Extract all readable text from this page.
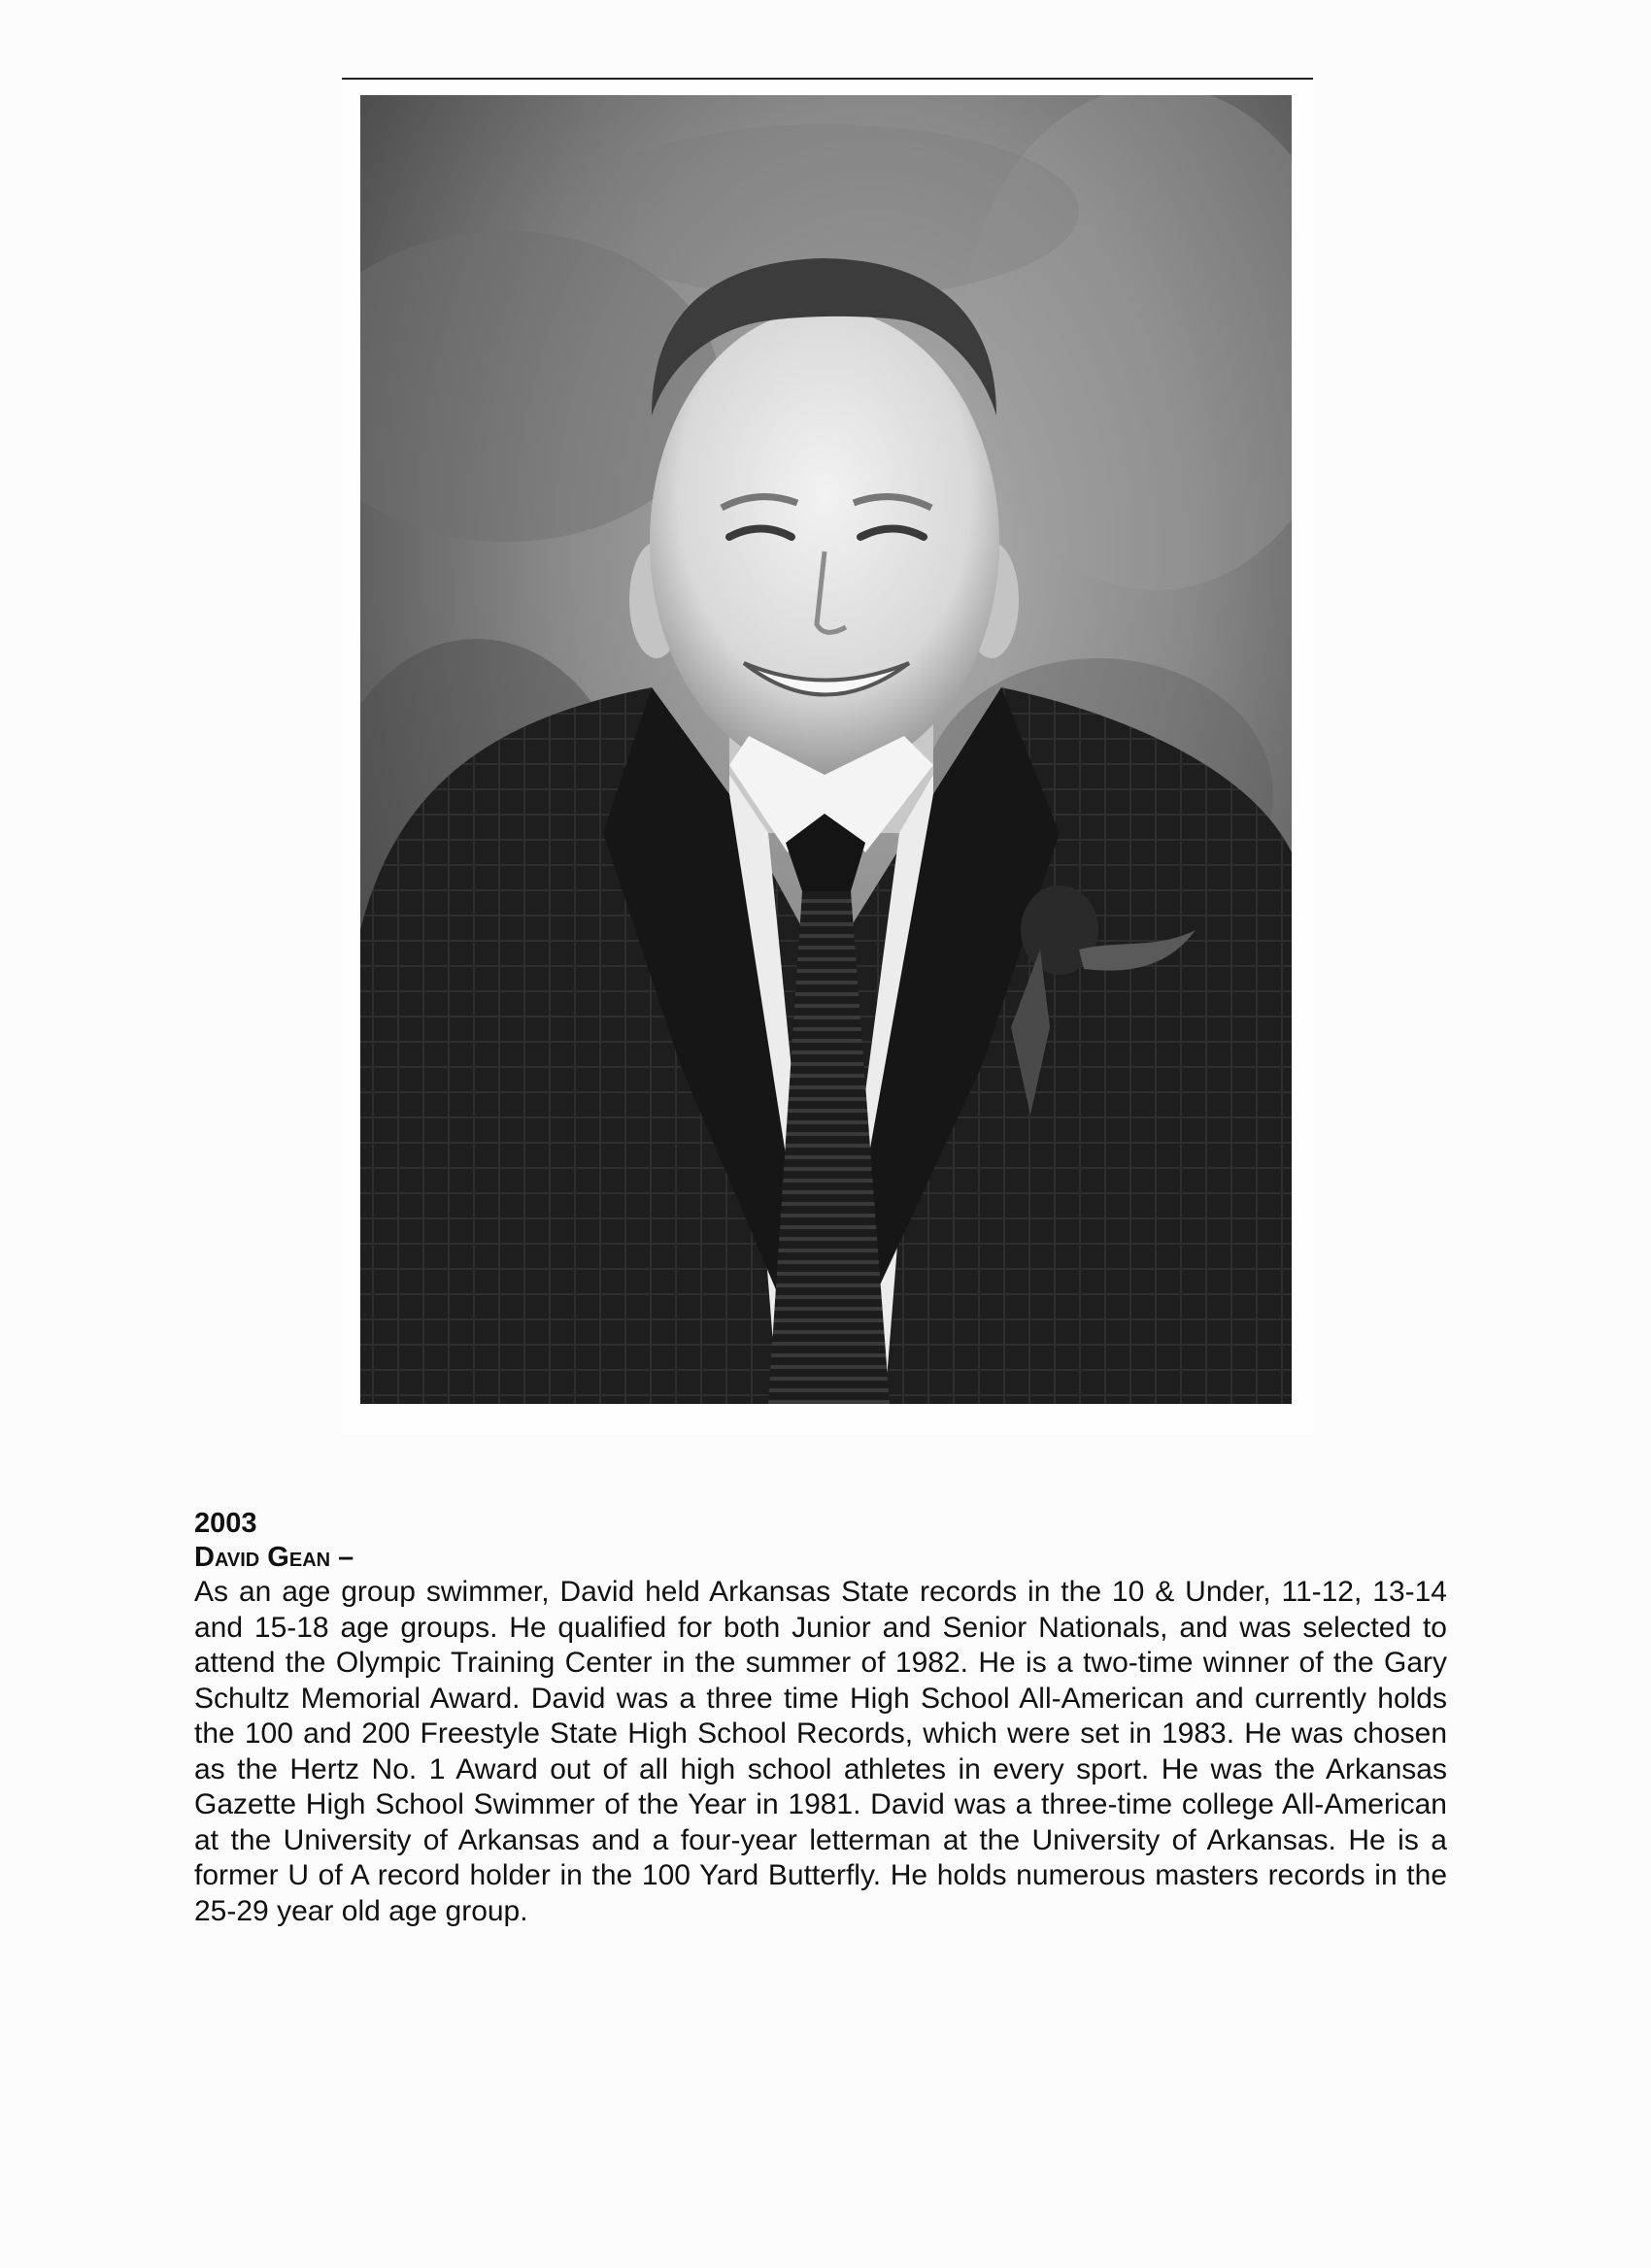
2003

David Gean –

As an age group swimmer, David held Arkansas State records in the 10 & Under, 11-12, 13-14 and 15-18 age groups. He qualified for both Junior and Senior Nationals, and was selected to attend the Olympic Training Center in the summer of 1982. He is a two-time winner of the Gary Schultz Memorial Award. David was a three time High School All-American and currently holds the 100 and 200 Freestyle State High School Records, which were set in 1983. He was chosen as the Hertz No. 1 Award out of all high school athletes in every sport. He was the Arkansas Gazette High School Swimmer of the Year in 1981. David was a three-time college All-American at the University of Arkansas and a four-year letterman at the University of Arkansas. He is a former U of A record holder in the 100 Yard Butterfly. He holds numerous masters records in the 25-29 year old age group.
